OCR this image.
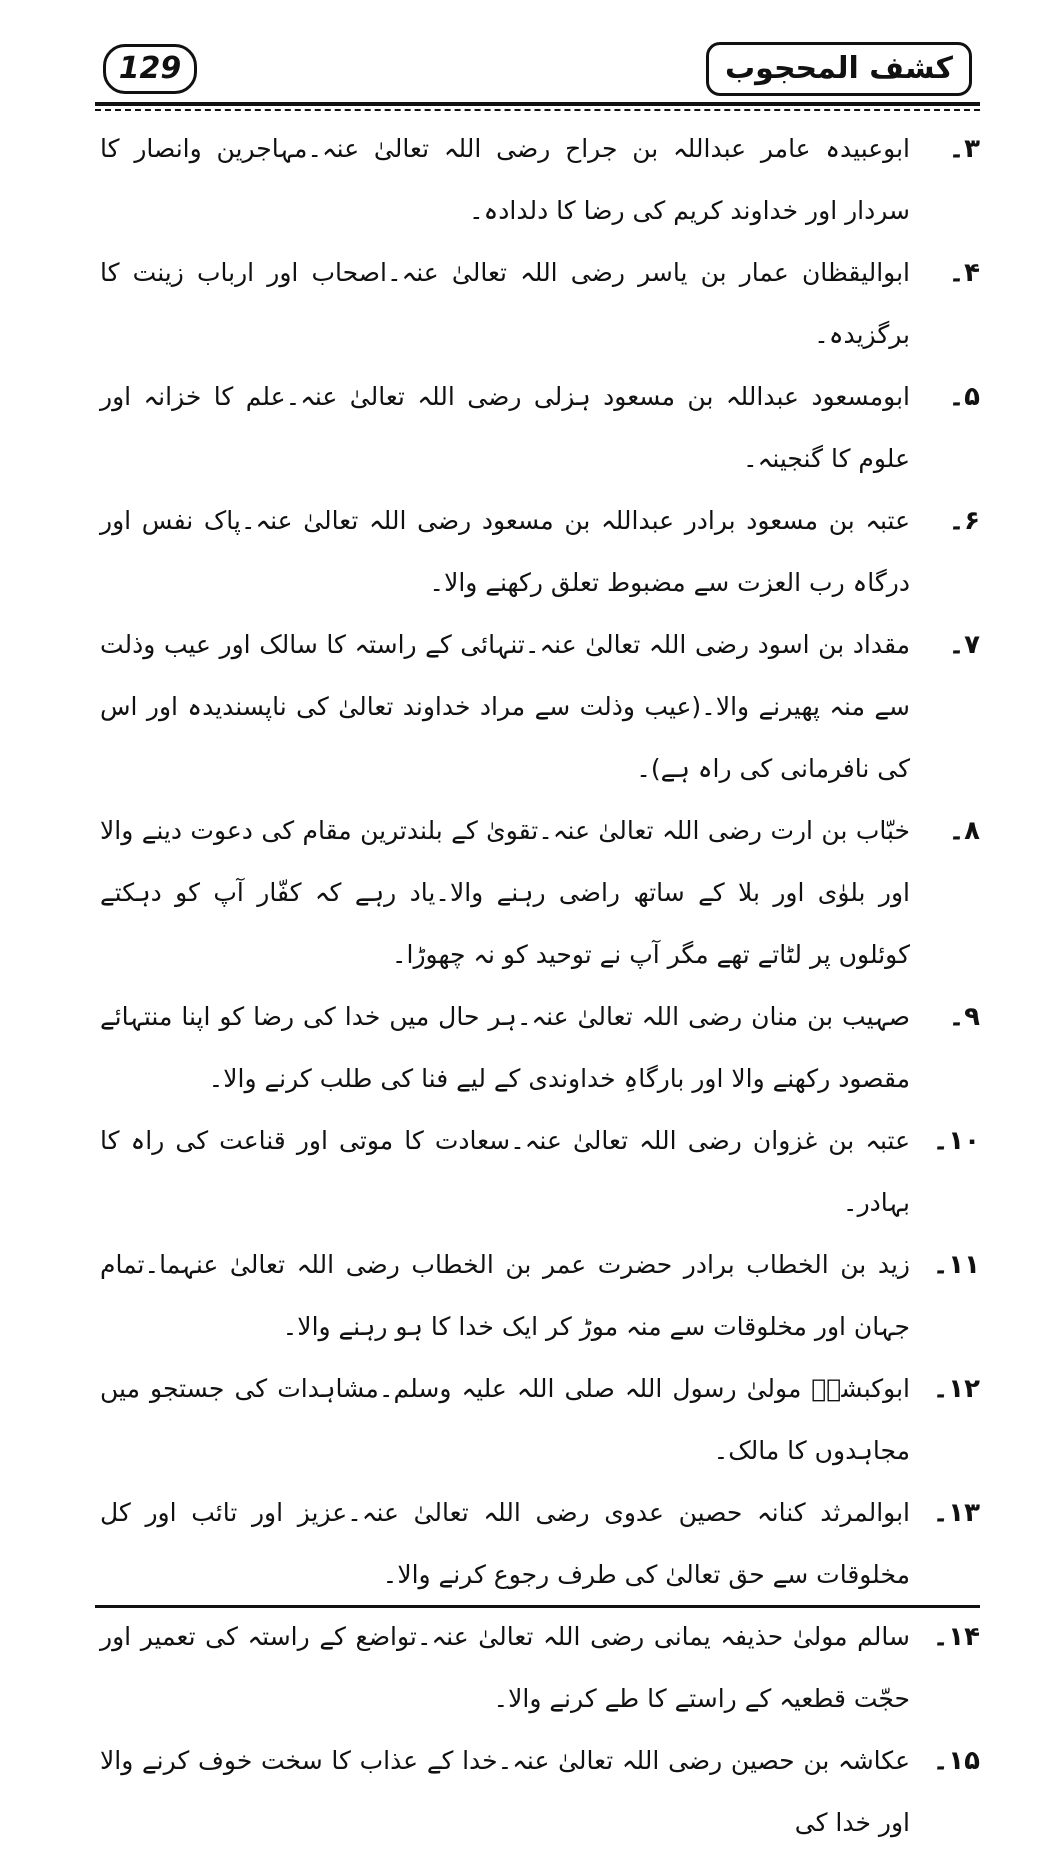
129	کشف المحجوب
۳۔
ابوعبیدہ عامر عبداللہ بن جراح رضی اللہ تعالیٰ عنہ۔مہاجرین وانصار کا سردار اور خداوند کریم کی رضا کا دلدادہ۔
۴۔
ابوالیقظان عمار بن یاسر رضی اللہ تعالیٰ عنہ۔اصحاب اور ارباب زینت کا برگزیدہ۔
۵۔
ابومسعود عبداللہ بن مسعود ہزلی رضی اللہ تعالیٰ عنہ۔علم کا خزانہ اور علوم کا گنجینہ۔
۶۔
عتبہ بن مسعود برادر عبداللہ بن مسعود رضی اللہ تعالیٰ عنہ۔پاک نفس اور درگاہ رب العزت سے مضبوط تعلق رکھنے والا۔
۷۔
مقداد بن اسود رضی اللہ تعالیٰ عنہ۔تنہائی کے راستہ کا سالک اور عیب وذلت سے منہ پھیرنے والا۔(عیب وذلت سے مراد خداوند تعالیٰ کی ناپسندیدہ اور اس کی نافرمانی کی راہ ہے)۔
۸۔
خبّاب بن ارت رضی اللہ تعالیٰ عنہ۔تقویٰ کے بلندترین مقام کی دعوت دینے والا اور بلوٰی اور بلا کے ساتھ راضی رہنے والا۔یاد رہے کہ کفّار آپ کو دہکتے کوئلوں پر لٹاتے تھے مگر آپ نے توحید کو نہ چھوڑا۔
۹۔
صہیب بن منان رضی اللہ تعالیٰ عنہ۔ہر حال میں خدا کی رضا کو اپنا منتہائے مقصود رکھنے والا اور بارگاہِ خداوندی کے لیے فنا کی طلب کرنے والا۔
۱۰۔
عتبہ بن غزوان رضی اللہ تعالیٰ عنہ۔سعادت کا موتی اور قناعت کی راہ کا بہادر۔
۱۱۔
زید بن الخطاب برادر حضرت عمر بن الخطاب رضی اللہ تعالیٰ عنہما۔تمام جہان اور مخلوقات سے منہ موڑ کر ایک خدا کا ہو رہنے والا۔
۱۲۔
ابوکبشہؓ مولیٰ رسول اللہ صلی اللہ علیہ وسلم۔مشاہدات کی جستجو میں مجاہدوں کا مالک۔
۱۳۔
ابوالمرثد کنانہ حصین عدوی رضی اللہ تعالیٰ عنہ۔عزیز اور تائب اور کل مخلوقات سے حق تعالیٰ کی طرف رجوع کرنے والا۔
۱۴۔
سالم مولیٰ حذیفہ یمانی رضی اللہ تعالیٰ عنہ۔تواضع کے راستہ کی تعمیر اور حجّت قطعیہ کے راستے کا طے کرنے والا۔
۱۵۔
عکاشہ بن حصین رضی اللہ تعالیٰ عنہ۔خدا کے عذاب کا سخت خوف کرنے والا اور خدا کی
